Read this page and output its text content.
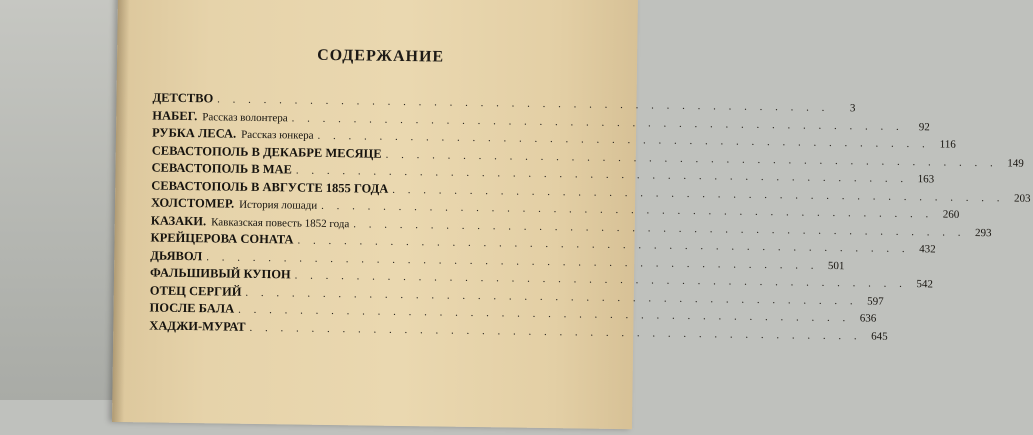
СОДЕРЖАНИЕ
ДЕТСТВО . . . . . . . . . . . . . . . . . . . . . . . . . . . . . . . . . . . . . . . .	3
НАБЕГ. Рассказ волонтера . . . . . . . . . . . . . . . . . . . . . . . . . . . . . . . . . . . . . . . .	92
РУБКА ЛЕСА. Рассказ юнкера . . . . . . . . . . . . . . . . . . . . . . . . . . . . . . . . . . . . . . . . 116
СЕВАСТОПОЛЬ В ДЕКАБРЕ МЕСЯЦЕ . . . . . . . . . . . . . . . . . . . . . . . . . . . . . . . . . . . . . . . . 149
СЕВАСТОПОЛЬ В МАЕ . . . . . . . . . . . . . . . . . . . . . . . . . . . . . . . . . . . . . . . . 163
СЕВАСТОПОЛЬ В АВГУСТЕ 1855 ГОДА . . . . . . . . . . . . . . . . . . . . . . . . . . . . . . . . . . . . . . . . 203
ХОЛСТОМЕР. История лошади . . . . . . . . . . . . . . . . . . . . . . . . . . . . . . . . . . . . . . . . 260
КАЗАКИ. Кавказская повесть 1852 года . . . . . . . . . . . . . . . . . . . . . . . . . . . . . . . . . . . . . . . . 293
КРЕЙЦЕРОВА СОНАТА . . . . . . . . . . . . . . . . . . . . . . . . . . . . . . . . . . . . . . . . 432
ДЬЯВОЛ . . . . . . . . . . . . . . . . . . . . . . . . . . . . . . . . . . . . . . . . 501
ФАЛЬШИВЫЙ КУПОН . . . . . . . . . . . . . . . . . . . . . . . . . . . . . . . . . . . . . . . . 542
ОТЕЦ СЕРГИЙ . . . . . . . . . . . . . . . . . . . . . . . . . . . . . . . . . . . . . . . . 597
ПОСЛЕ БАЛА . . . . . . . . . . . . . . . . . . . . . . . . . . . . . . . . . . . . . . . . 636
ХАДЖИ-МУРАТ . . . . . . . . . . . . . . . . . . . . . . . . . . . . . . . . . . . . . . . . 645
